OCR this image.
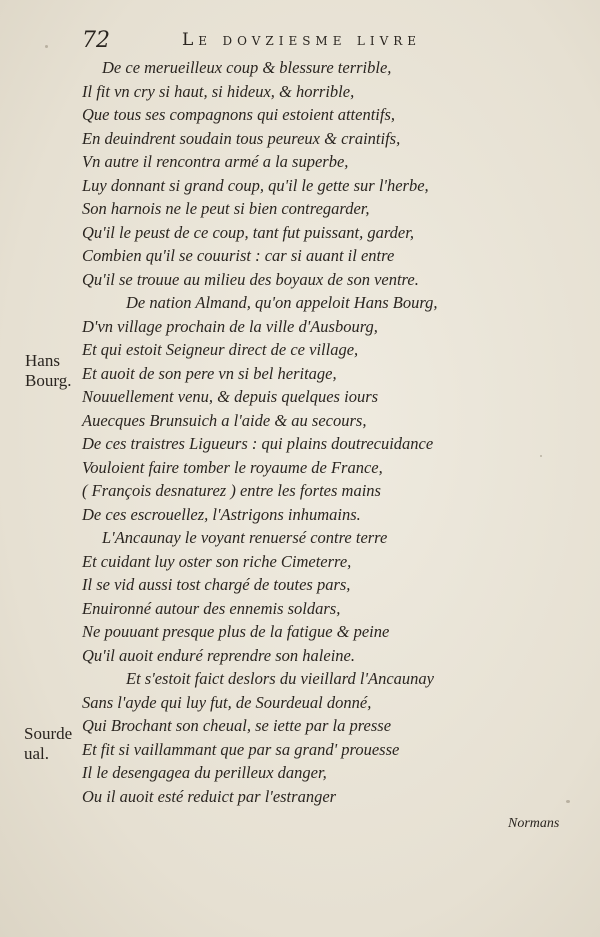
72	Le dovziesme livre
De ce merueilleux coup & blessure terrible,
Il fit vn cry si haut, si hideux, & horrible,
Que tous ses compagnons qui estoient attentifs,
En deuindrent soudain tous peureux & craintifs,
Vn autre il rencontra armé a la superbe,
Luy donnant si grand coup, qu'il le gette sur l'herbe,
Son harnois ne le peut si bien contregarder,
Qu'il le peust de ce coup, tant fut puissant, garder,
Combien qu'il se couurist : car si auant il entre
Qu'il se trouue au milieu des boyaux de son ventre.
De nation Almand, qu'on appeloit Hans Bourg,
D'vn village prochain de la ville d'Ausbourg,
Et qui estoit Seigneur direct de ce village,
Et auoit de son pere vn si bel heritage,
Nouuellement venu, & depuis quelques iours
Auecques Brunsuich a l'aide & au secours,
De ces traistres Ligueurs : qui plains doutrecuidance
Vouloient faire tomber le royaume de France,
( François desnaturez ) entre les fortes mains
De ces escrouellez, l'Astrigons inhumains.
L'Ancaunay le voyant renuersé contre terre
Et cuidant luy oster son riche Cimeterre,
Il se vid aussi tost chargé de toutes pars,
Enuironné autour des ennemis soldars,
Ne pouuant presque plus de la fatigue & peine
Qu'il auoit enduré reprendre son haleine.
Et s'estoit faict deslors du vieillard l'Ancaunay
Sans l'ayde qui luy fut, de Sourdeual donné,
Qui Brochant son cheual, se iette par la presse
Et fit si vaillammant que par sa grand' prouesse
Il le desengagea du perilleux danger,
Ou il auoit esté reduict par l'estranger
Hans
Bourg.
Sourde
ual.
Normans
